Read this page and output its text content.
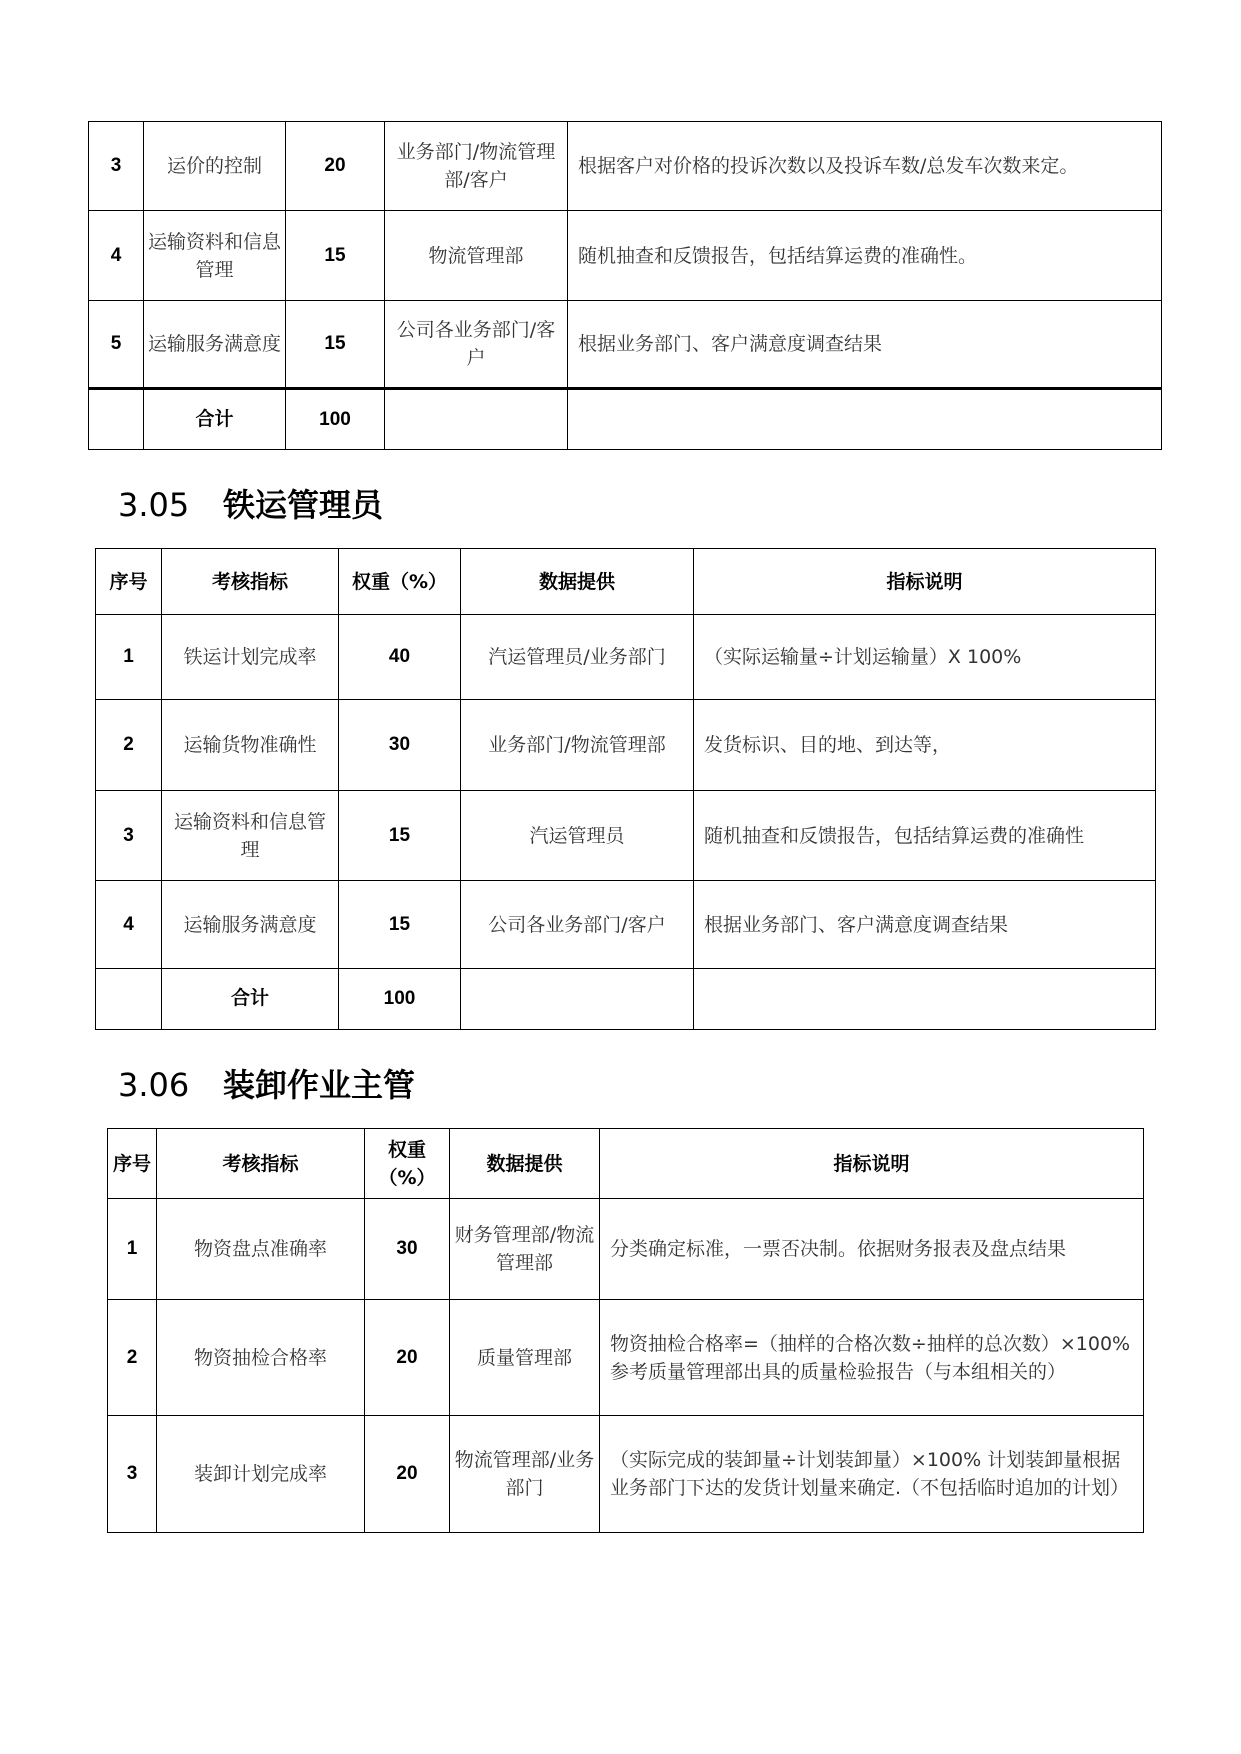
3	运价的控制	20	业务部门/物流管理部/客户	根据客户对价格的投诉次数以及投诉车数/总发车次数来定。
4	运输资料和信息管理	15	物流管理部	随机抽查和反馈报告，包括结算运费的准确性。
5	运输服务满意度	15	公司各业务部门/客户	根据业务部门、客户满意度调查结果
	合计	100		
3.05 铁运管理员
序号	考核指标	权重（%）	数据提供	指标说明
1	铁运计划完成率	40	汽运管理员/业务部门	（实际运输量÷计划运输量）X 100%
2	运输货物准确性	30	业务部门/物流管理部	发货标识、目的地、到达等，
3	运输资料和信息管理	15	汽运管理员	随机抽查和反馈报告，包括结算运费的准确性
4	运输服务满意度	15	公司各业务部门/客户	根据业务部门、客户满意度调查结果
	合计	100		
3.06 装卸作业主管
序号	考核指标	权重（%）	数据提供	指标说明
1	物资盘点准确率	30	财务管理部/物流管理部	分类确定标准，一票否决制。依据财务报表及盘点结果
2	物资抽检合格率	20	质量管理部	物资抽检合格率=（抽样的合格次数÷抽样的总次数）×100% 参考质量管理部出具的质量检验报告（与本组相关的）
3	装卸计划完成率	20	物流管理部/业务部门	（实际完成的装卸量÷计划装卸量）×100% 计划装卸量根据业务部门下达的发货计划量来确定.（不包括临时追加的计划）
